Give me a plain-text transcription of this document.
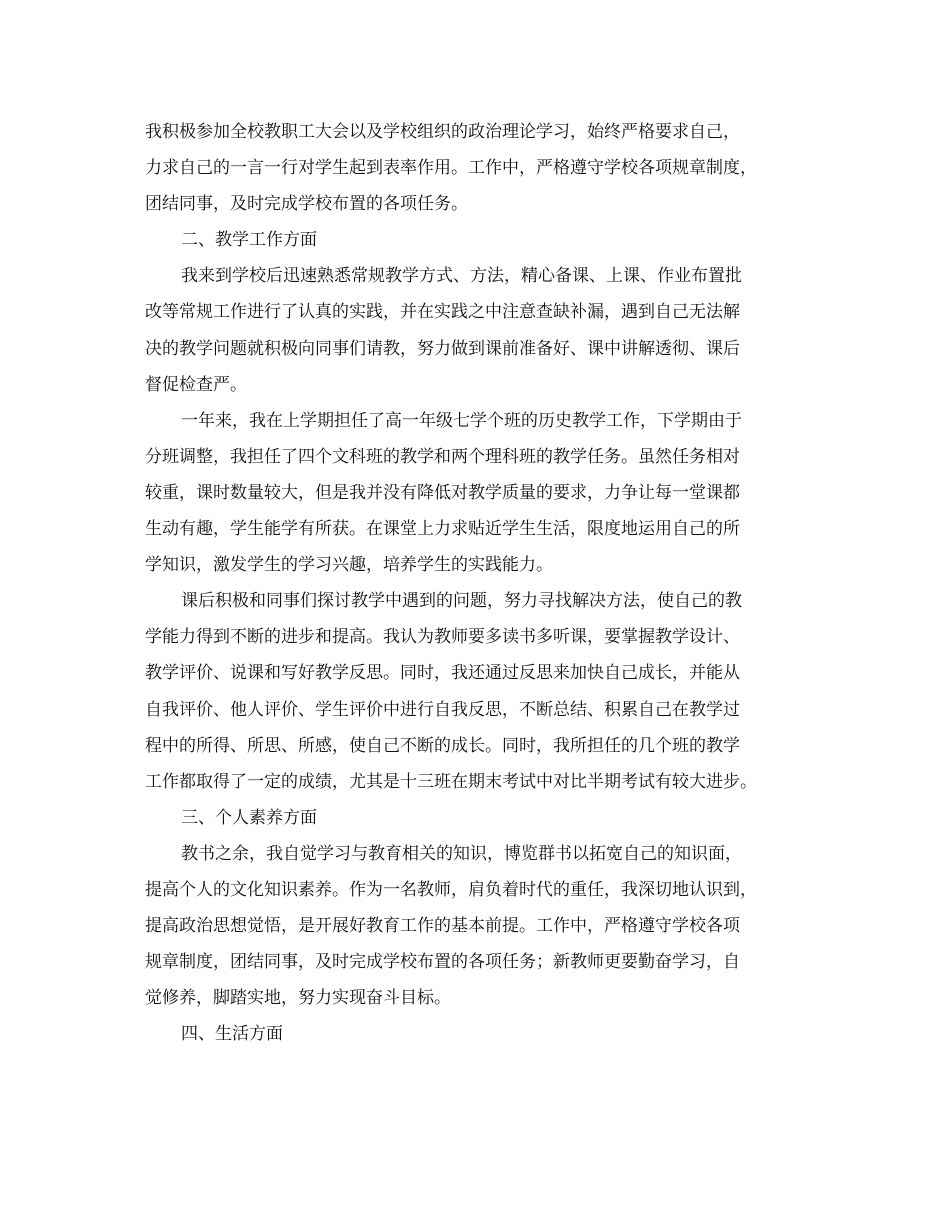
我积极参加全校教职工大会以及学校组织的政治理论学习，始终严格要求自己，
力求自己的一言一行对学生起到表率作用。工作中，严格遵守学校各项规章制度，
团结同事，及时完成学校布置的各项任务。

二、教学工作方面

我来到学校后迅速熟悉常规教学方式、方法，精心备课、上课、作业布置批
改等常规工作进行了认真的实践，并在实践之中注意查缺补漏，遇到自己无法解
决的教学问题就积极向同事们请教，努力做到课前准备好、课中讲解透彻、课后
督促检查严。

一年来，我在上学期担任了高一年级七学个班的历史教学工作，下学期由于
分班调整，我担任了四个文科班的教学和两个理科班的教学任务。虽然任务相对
较重，课时数量较大，但是我并没有降低对教学质量的要求，力争让每一堂课都
生动有趣，学生能学有所获。在课堂上力求贴近学生生活，限度地运用自己的所
学知识，激发学生的学习兴趣，培养学生的实践能力。

课后积极和同事们探讨教学中遇到的问题，努力寻找解决方法，使自己的教
学能力得到不断的进步和提高。我认为教师要多读书多听课，要掌握教学设计、
教学评价、说课和写好教学反思。同时，我还通过反思来加快自己成长，并能从
自我评价、他人评价、学生评价中进行自我反思，不断总结、积累自己在教学过
程中的所得、所思、所感，使自己不断的成长。同时，我所担任的几个班的教学
工作都取得了一定的成绩，尤其是十三班在期末考试中对比半期考试有较大进步。

三、个人素养方面

教书之余，我自觉学习与教育相关的知识，博览群书以拓宽自己的知识面，
提高个人的文化知识素养。作为一名教师，肩负着时代的重任，我深切地认识到，
提高政治思想觉悟，是开展好教育工作的基本前提。工作中，严格遵守学校各项
规章制度，团结同事，及时完成学校布置的各项任务；新教师更要勤奋学习，自
觉修养，脚踏实地，努力实现奋斗目标。

四、生活方面
